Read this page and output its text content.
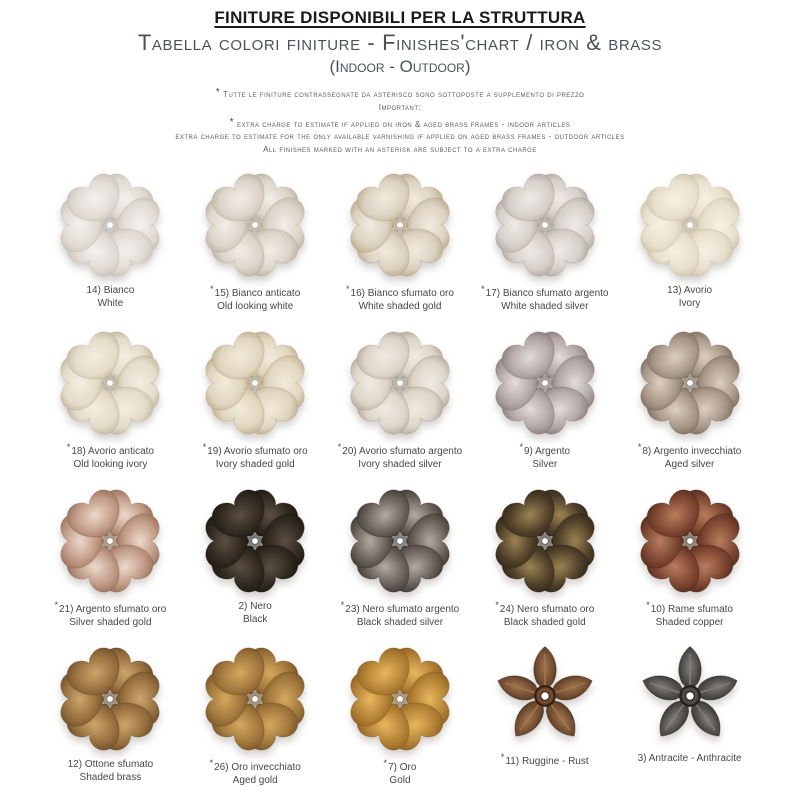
FINITURE DISPONIBILI PER LA STRUTTURA
Tabella colori finiture - Finishes'chart / iron & brass
(Indoor - Outdoor)
* Tutte le finiture contrassegnate da asterisco sono sottoposte a supplemento di prezzo
Important:
* extra charge to estimate if applied on iron & aged brass frames - indoor articles
extra charge to estimate for the only available varnishing if applied on aged brass frames - outdoor articles
All finishes marked with an asterisk are subject to a extra charge
14) Bianco
White
*15) Bianco anticato
Old looking white
*16) Bianco sfumato oro
White shaded gold
*17) Bianco sfumato argento
White shaded silver
13) Avorio
Ivory
*18) Avorio anticato
Old looking ivory
*19) Avorio sfumato oro
Ivory shaded gold
*20) Avorio sfumato argento
Ivory shaded silver
*9) Argento
Silver
*8) Argento invecchiato
Aged silver
*21) Argento sfumato oro
Silver shaded gold
2) Nero
Black
*23) Nero sfumato argento
Black shaded silver
*24) Nero sfumato oro
Black shaded gold
*10) Rame sfumato
Shaded copper
12) Ottone sfumato
Shaded brass
*26) Oro invecchiato
Aged gold
*7) Oro
Gold
*11) Ruggine - Rust	3) Antracite - Anthracite
